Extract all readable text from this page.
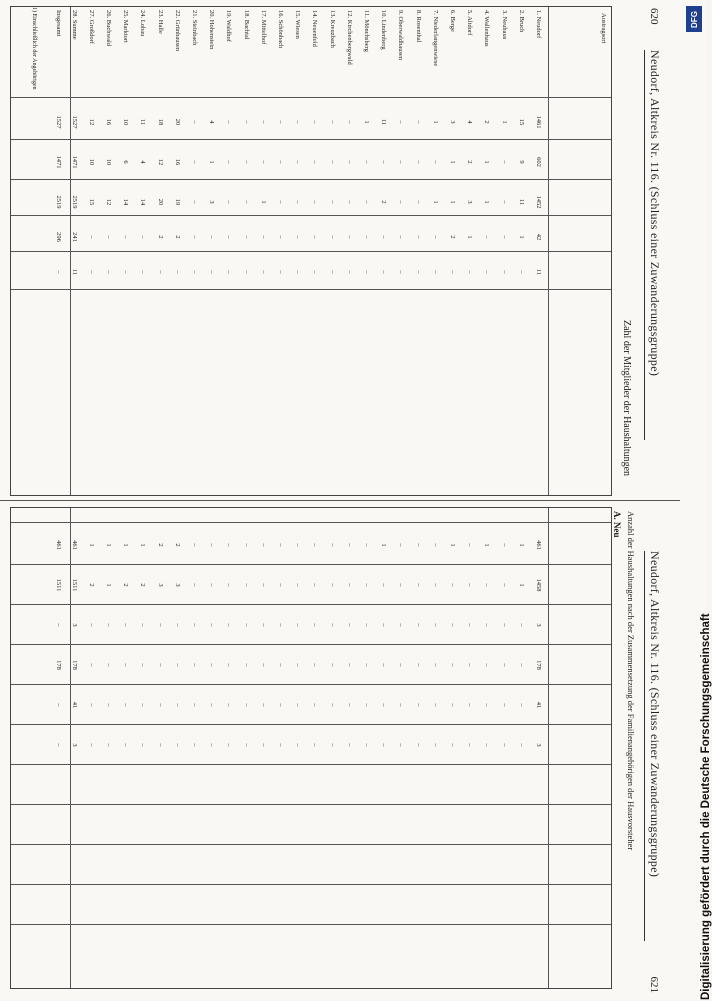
620
Neudorf, Altkreis Nr. 116. (Schluss einer Zuwanderungsgruppe)
Zahl der Mitglieder der Haushaltungen
Austragsort
1. Neudorf
1461
602
1452
42
11
2. Bruch
15
9
11
1
–
3. Neuhaus
1
–
–
–
–
4. Wallenhaus
2
1
1
–
–
5. Altdorf
4
2
3
1
–
6. Berge
3
1
1
2
–
7. Niederlangenwiese
1
–
1
–
–
8. Rosenthal
–
–
–
–
–
9. Oberwaldhausen
–
–
–
–
–
10. Lindenberg
11
–
2
–
–
11. Mönchsberg
1
–
–
–
–
12. Kirchenbergwald
–
–
–
–
–
13. Kreuzbach
–
–
–
–
–
14. Neuenfeld
–
–
–
–
–
15. Wiesen
–
–
–
–
–
16. Schönbach
–
–
–
–
–
17. Mittelhof
–
–
1
–
–
18. Bachtal
–
–
–
–
–
19. Waldhof
–
–
–
–
–
20. Hohenstein
4
1
3
–
–
21. Steinbach
–
–
–
–
–
22. Grünhausen
20
16
19
2
–
23. Halle
18
12
20
2
–
24. Lobau
11
4
14
–
–
25. Marktort
10
6
14
–
–
26. Buchwald
16
10
12
–
–
27. Großdorf
12
10
15
–
–
28. Summe
1527
1471
2519
241
11
Insgesamt
1527
1471
2519
296
–
1) Einschließlich der Angehörigen
621
Neudorf, Altkreis Nr. 116. (Schluss einer Zuwanderungsgruppe)
Anzahl der Haushaltungen nach der Zusammensetzung der Familienangehörigen der Hausvorsteher
A. Neu
461
1458
3
178
41
3
1
1
–
–
–
–
–
–
–
–
–
–
1
–
–
–
–
–
–
–
–
–
–
–
1
–
–
–
–
–
–
–
–
–
–
–
–
–
–
–
–
–
–
–
–
–
–
–
1
–
–
–
–
–
–
–
–
–
–
–
–
–
–
–
–
–
–
–
–
–
–
–
–
–
–
–
–
–
–
–
–
–
–
–
–
–
–
–
–
–
–
–
–
–
–
–
–
–
–
–
–
–
–
–
–
–
–
–
–
–
–
–
–
–
–
–
–
–
–
–
2
3
–
–
–
–
2
3
–
–
–
–
1
2
–
–
–
–
1
2
–
–
–
–
1
1
–
–
–
–
1
2
–
–
–
–
461
1511
3
178
41
3
461
1511
–
178
–
–
DFG
Digitalisierung gefördert durch die Deutsche Forschungsgemeinschaft
